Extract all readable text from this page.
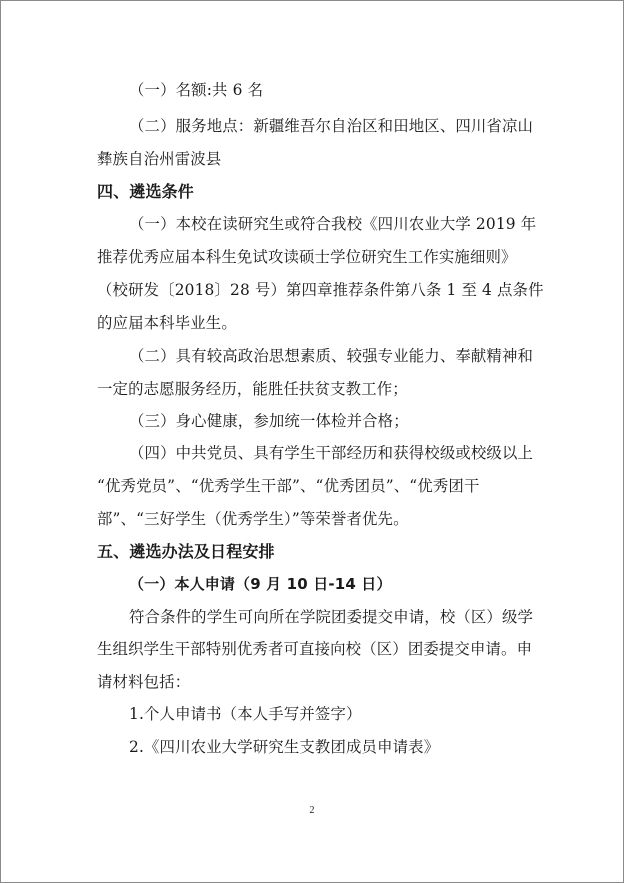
（一）名额:共 6 名
（二）服务地点：新疆维吾尔自治区和田地区、四川省凉山
彝族自治州雷波县
四、遴选条件
（一）本校在读研究生或符合我校《四川农业大学 2019 年
推荐优秀应届本科生免试攻读硕士学位研究生工作实施细则》
（校研发〔2018〕28 号）第四章推荐条件第八条 1 至 4 点条件
的应届本科毕业生。
（二）具有较高政治思想素质、较强专业能力、奉献精神和
一定的志愿服务经历，能胜任扶贫支教工作；
（三）身心健康，参加统一体检并合格；
（四）中共党员、具有学生干部经历和获得校级或校级以上
“优秀党员”、“优秀学生干部”、“优秀团员”、“优秀团干
部”、“三好学生（优秀学生）”等荣誉者优先。
五、遴选办法及日程安排
（一）本人申请（9 月 10 日-14 日）
符合条件的学生可向所在学院团委提交申请，校（区）级学
生组织学生干部特别优秀者可直接向校（区）团委提交申请。申
请材料包括：
1.个人申请书（本人手写并签字）
2.《四川农业大学研究生支教团成员申请表》
2
